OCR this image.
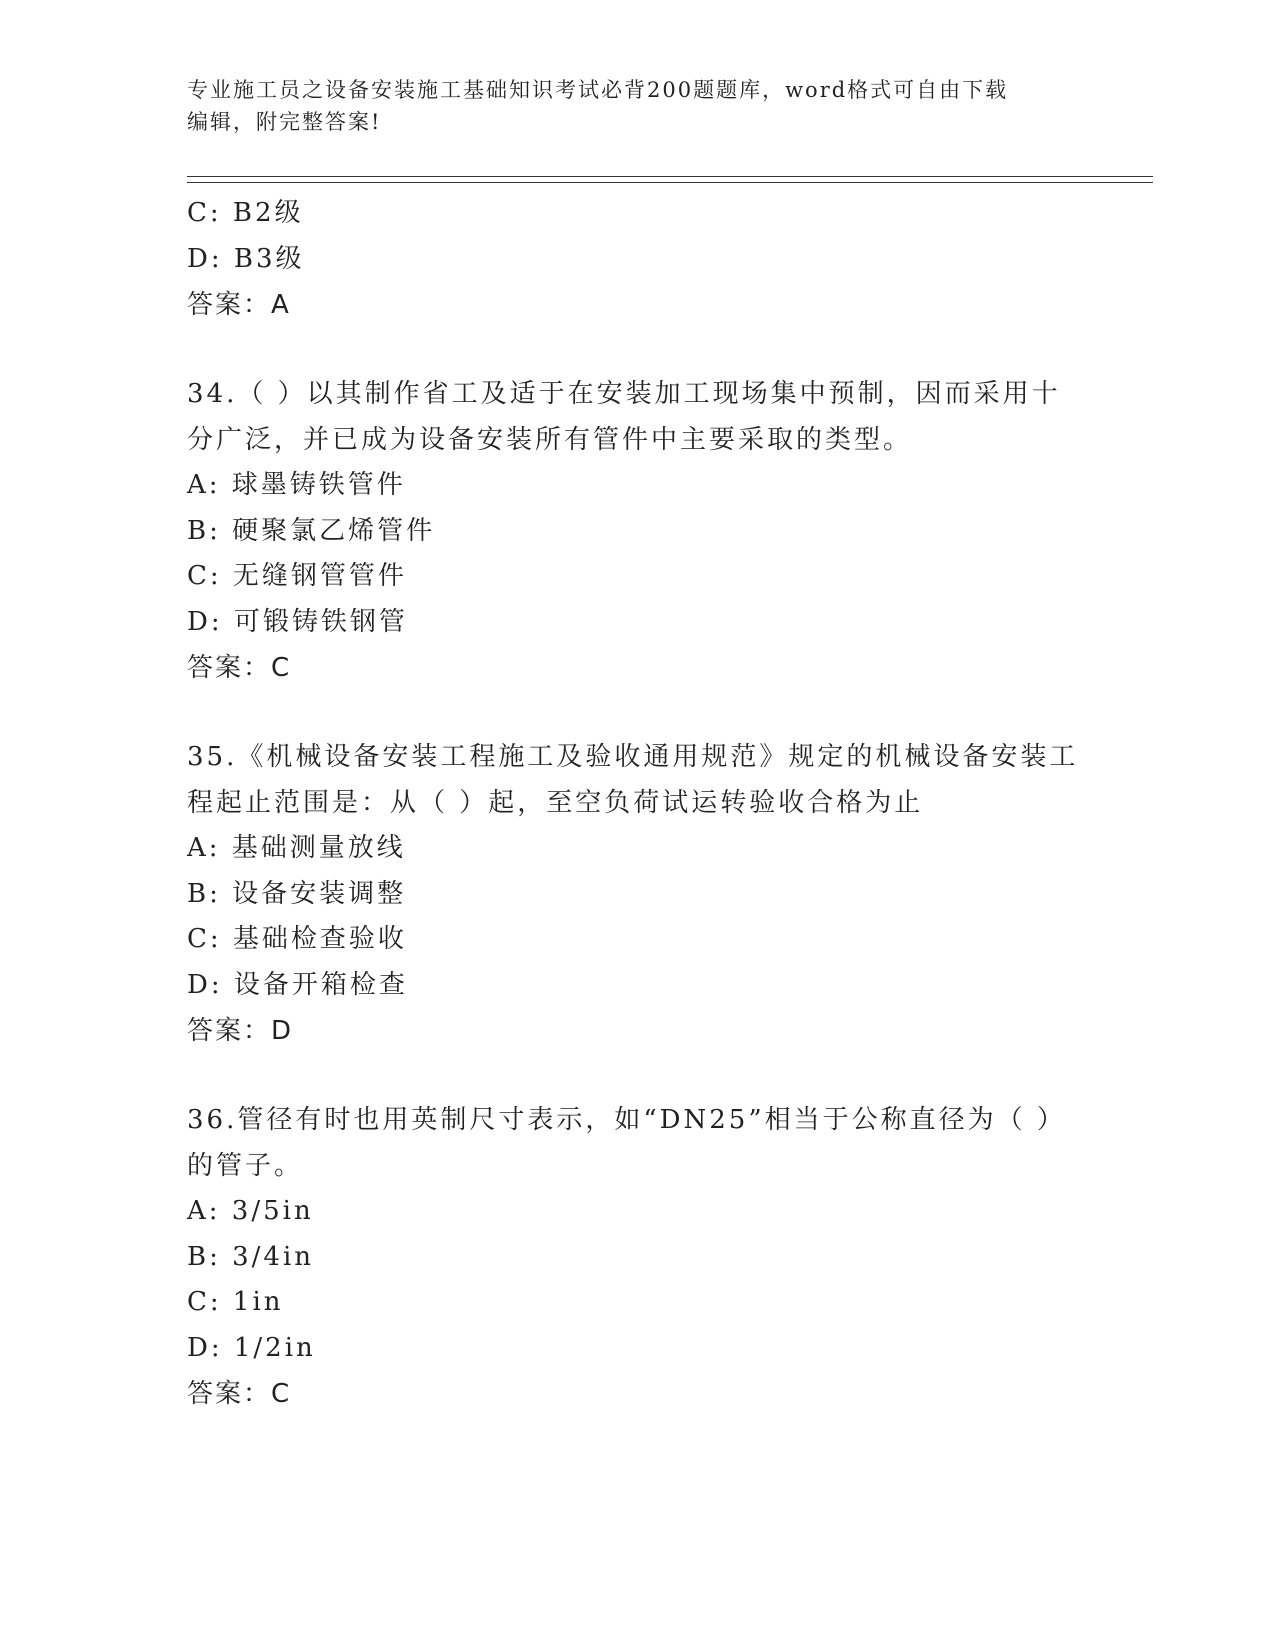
专业施工员之设备安装施工基础知识考试必背200题题库，word格式可自由下载
编辑，附完整答案!
C: B2级
D: B3级
答案：A
34.（ ）以其制作省工及适于在安装加工现场集中预制，因而采用十
分广泛，并已成为设备安装所有管件中主要采取的类型。
A: 球墨铸铁管件
B: 硬聚氯乙烯管件
C: 无缝钢管管件
D: 可锻铸铁钢管
答案：C
35.《机械设备安装工程施工及验收通用规范》规定的机械设备安装工
程起止范围是：从（ ）起，至空负荷试运转验收合格为止
A: 基础测量放线
B: 设备安装调整
C: 基础检查验收
D: 设备开箱检查
答案：D
36.管径有时也用英制尺寸表示，如“DN25”相当于公称直径为（ ）
的管子。
A: 3/5in
B: 3/4in
C: 1in
D: 1/2in
答案：C
